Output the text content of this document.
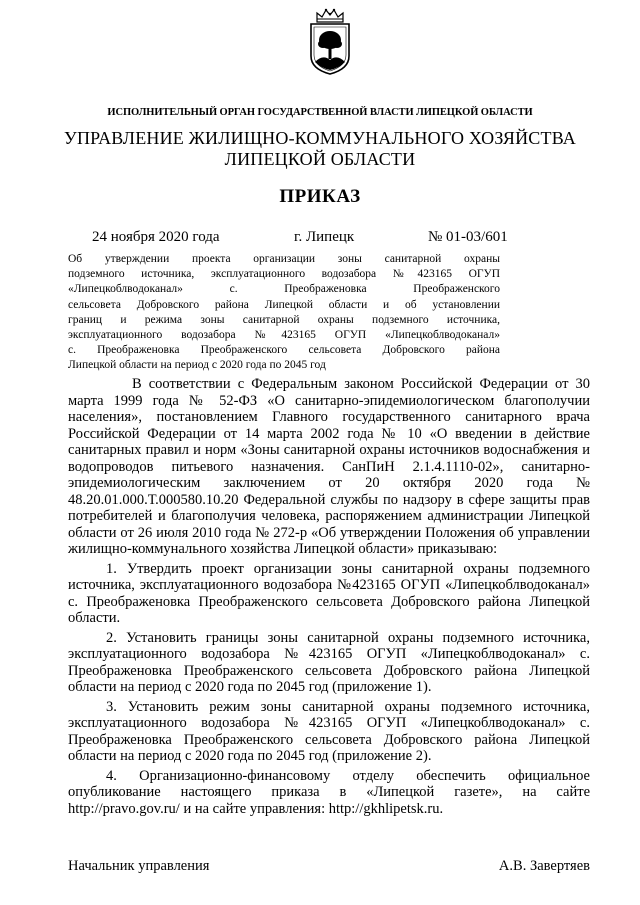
ИСПОЛНИТЕЛЬНЫЙ ОРГАН ГОСУДАРСТВЕННОЙ ВЛАСТИ ЛИПЕЦКОЙ ОБЛАСТИ
УПРАВЛЕНИЕ ЖИЛИЩНО-КОММУНАЛЬНОГО ХОЗЯЙСТВА
ЛИПЕЦКОЙ ОБЛАСТИ
ПРИКАЗ
24 ноября 2020 года	г. Липецк	№ 01-03/601

Об утверждении проекта организации зоны санитарной охраны

подземного источника, эксплуатационного водозабора №423165 ОГУП

«Липецкоблводоканал» с. Преображеновка Преображенского

сельсовета Добровского района Липецкой области и об установлении

границ и режима зоны санитарной охраны подземного источника,

эксплуатационного водозабора №423165 ОГУП «Липецкоблводоканал»

с. Преображеновка Преображенского сельсовета Добровского района

Липецкой области на период с 2020 года по 2045 год

В соответствии с Федеральным законом Российской Федерации от 30 марта 1999 года № 52-ФЗ «О санитарно-эпидемиологическом благополучии населения», постановлением Главного государственного санитарного врача Российской Федерации от 14 марта 2002 года № 10 «О введении в действие санитарных правил и норм «Зоны санитарной охраны источников водоснабжения и водопроводов питьевого назначения. СанПиН 2.1.4.1110-02», санитарно-эпидемиологическим заключением от 20 октября 2020 года № 48.20.01.000.Т.000580.10.20 Федеральной службы по надзору в сфере защиты прав потребителей и благополучия человека, распоряжением администрации Липецкой области от 26 июля 2010 года № 272-р «Об утверждении Положения об управлении жилищно-коммунального хозяйства Липецкой области» приказываю:

1. Утвердить проект организации зоны санитарной охраны подземного источника, эксплуатационного водозабора №423165 ОГУП «Липецкоблводоканал» с. Преображеновка Преображенского сельсовета Добровского района Липецкой области.

2. Установить границы зоны санитарной охраны подземного источника, эксплуатационного водозабора №423165 ОГУП «Липецкоблводоканал» с. Преображеновка Преображенского сельсовета Добровского района Липецкой области на период с 2020 года по 2045 год (приложение 1).

3. Установить режим зоны санитарной охраны подземного источника, эксплуатационного водозабора №423165 ОГУП «Липецкоблводоканал» с. Преображеновка Преображенского сельсовета Добровского района Липецкой области на период с 2020 года по 2045 год (приложение 2).

4. Организационно-финансовому отделу обеспечить официальное опубликование настоящего приказа в «Липецкой газете», на сайте http://pravo.gov.ru/ и на сайте управления: http://gkhlipetsk.ru.

Начальник управления	А.В. Завертяев
